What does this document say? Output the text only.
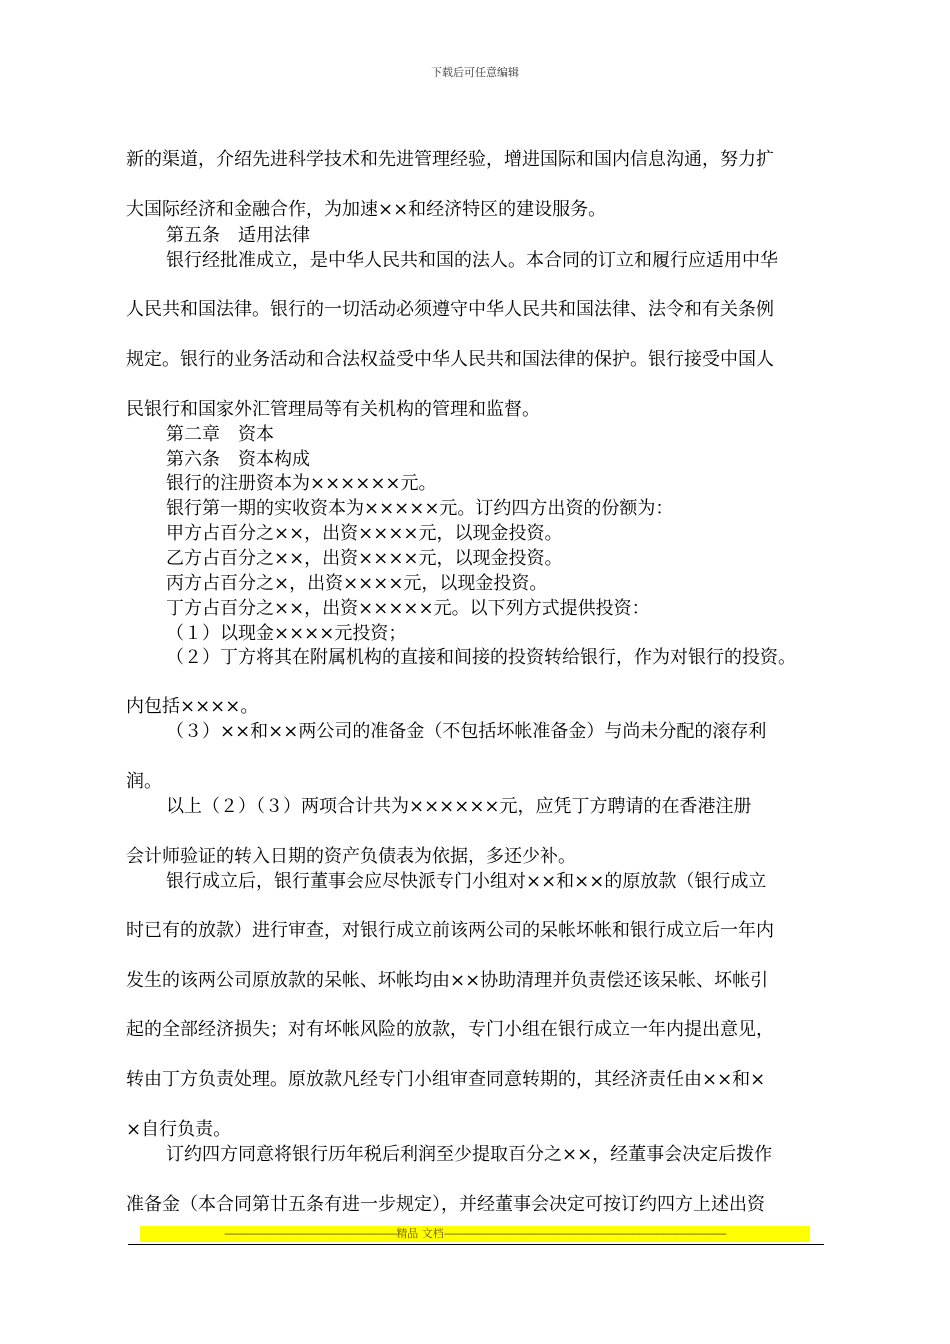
下载后可任意编辑
新的渠道，介绍先进科学技术和先进管理经验，增进国际和国内信息沟通，努力扩
大国际经济和金融合作，为加速××和经济特区的建设服务。
第五条　适用法律
银行经批准成立，是中华人民共和国的法人。本合同的订立和履行应适用中华
人民共和国法律。银行的一切活动必须遵守中华人民共和国法律、法令和有关条例
规定。银行的业务活动和合法权益受中华人民共和国法律的保护。银行接受中国人
民银行和国家外汇管理局等有关机构的管理和监督。
第二章　资本
第六条　资本构成
银行的注册资本为××××××元。
银行第一期的实收资本为×××××元。订约四方出资的份额为：
甲方占百分之××，出资××××元，以现金投资。
乙方占百分之××，出资××××元，以现金投资。
丙方占百分之×，出资××××元，以现金投资。
丁方占百分之××，出资×××××元。以下列方式提供投资：
（１）以现金××××元投资；
（２）丁方将其在附属机构的直接和间接的投资转给银行，作为对银行的投资。
内包括××××。
（３）××和××两公司的准备金（不包括坏帐准备金）与尚未分配的滚存利
润。
以上（２）（３）两项合计共为××××××元，应凭丁方聘请的在香港注册
会计师验证的转入日期的资产负债表为依据，多还少补。
银行成立后，银行董事会应尽快派专门小组对××和××的原放款（银行成立
时已有的放款）进行审查，对银行成立前该两公司的呆帐坏帐和银行成立后一年内
发生的该两公司原放款的呆帐、坏帐均由××协助清理并负责偿还该呆帐、坏帐引
起的全部经济损失；对有坏帐风险的放款，专门小组在银行成立一年内提出意见，
转由丁方负责处理。原放款凡经专门小组审查同意转期的，其经济责任由××和×
×自行负责。
订约四方同意将银行历年税后利润至少提取百分之××，经董事会决定后拨作
准备金（本合同第廿五条有进一步规定），并经董事会决定可按订约四方上述出资
----------------------------------------------------------精品 文档-----------------------------------------------------------------------------------------------
